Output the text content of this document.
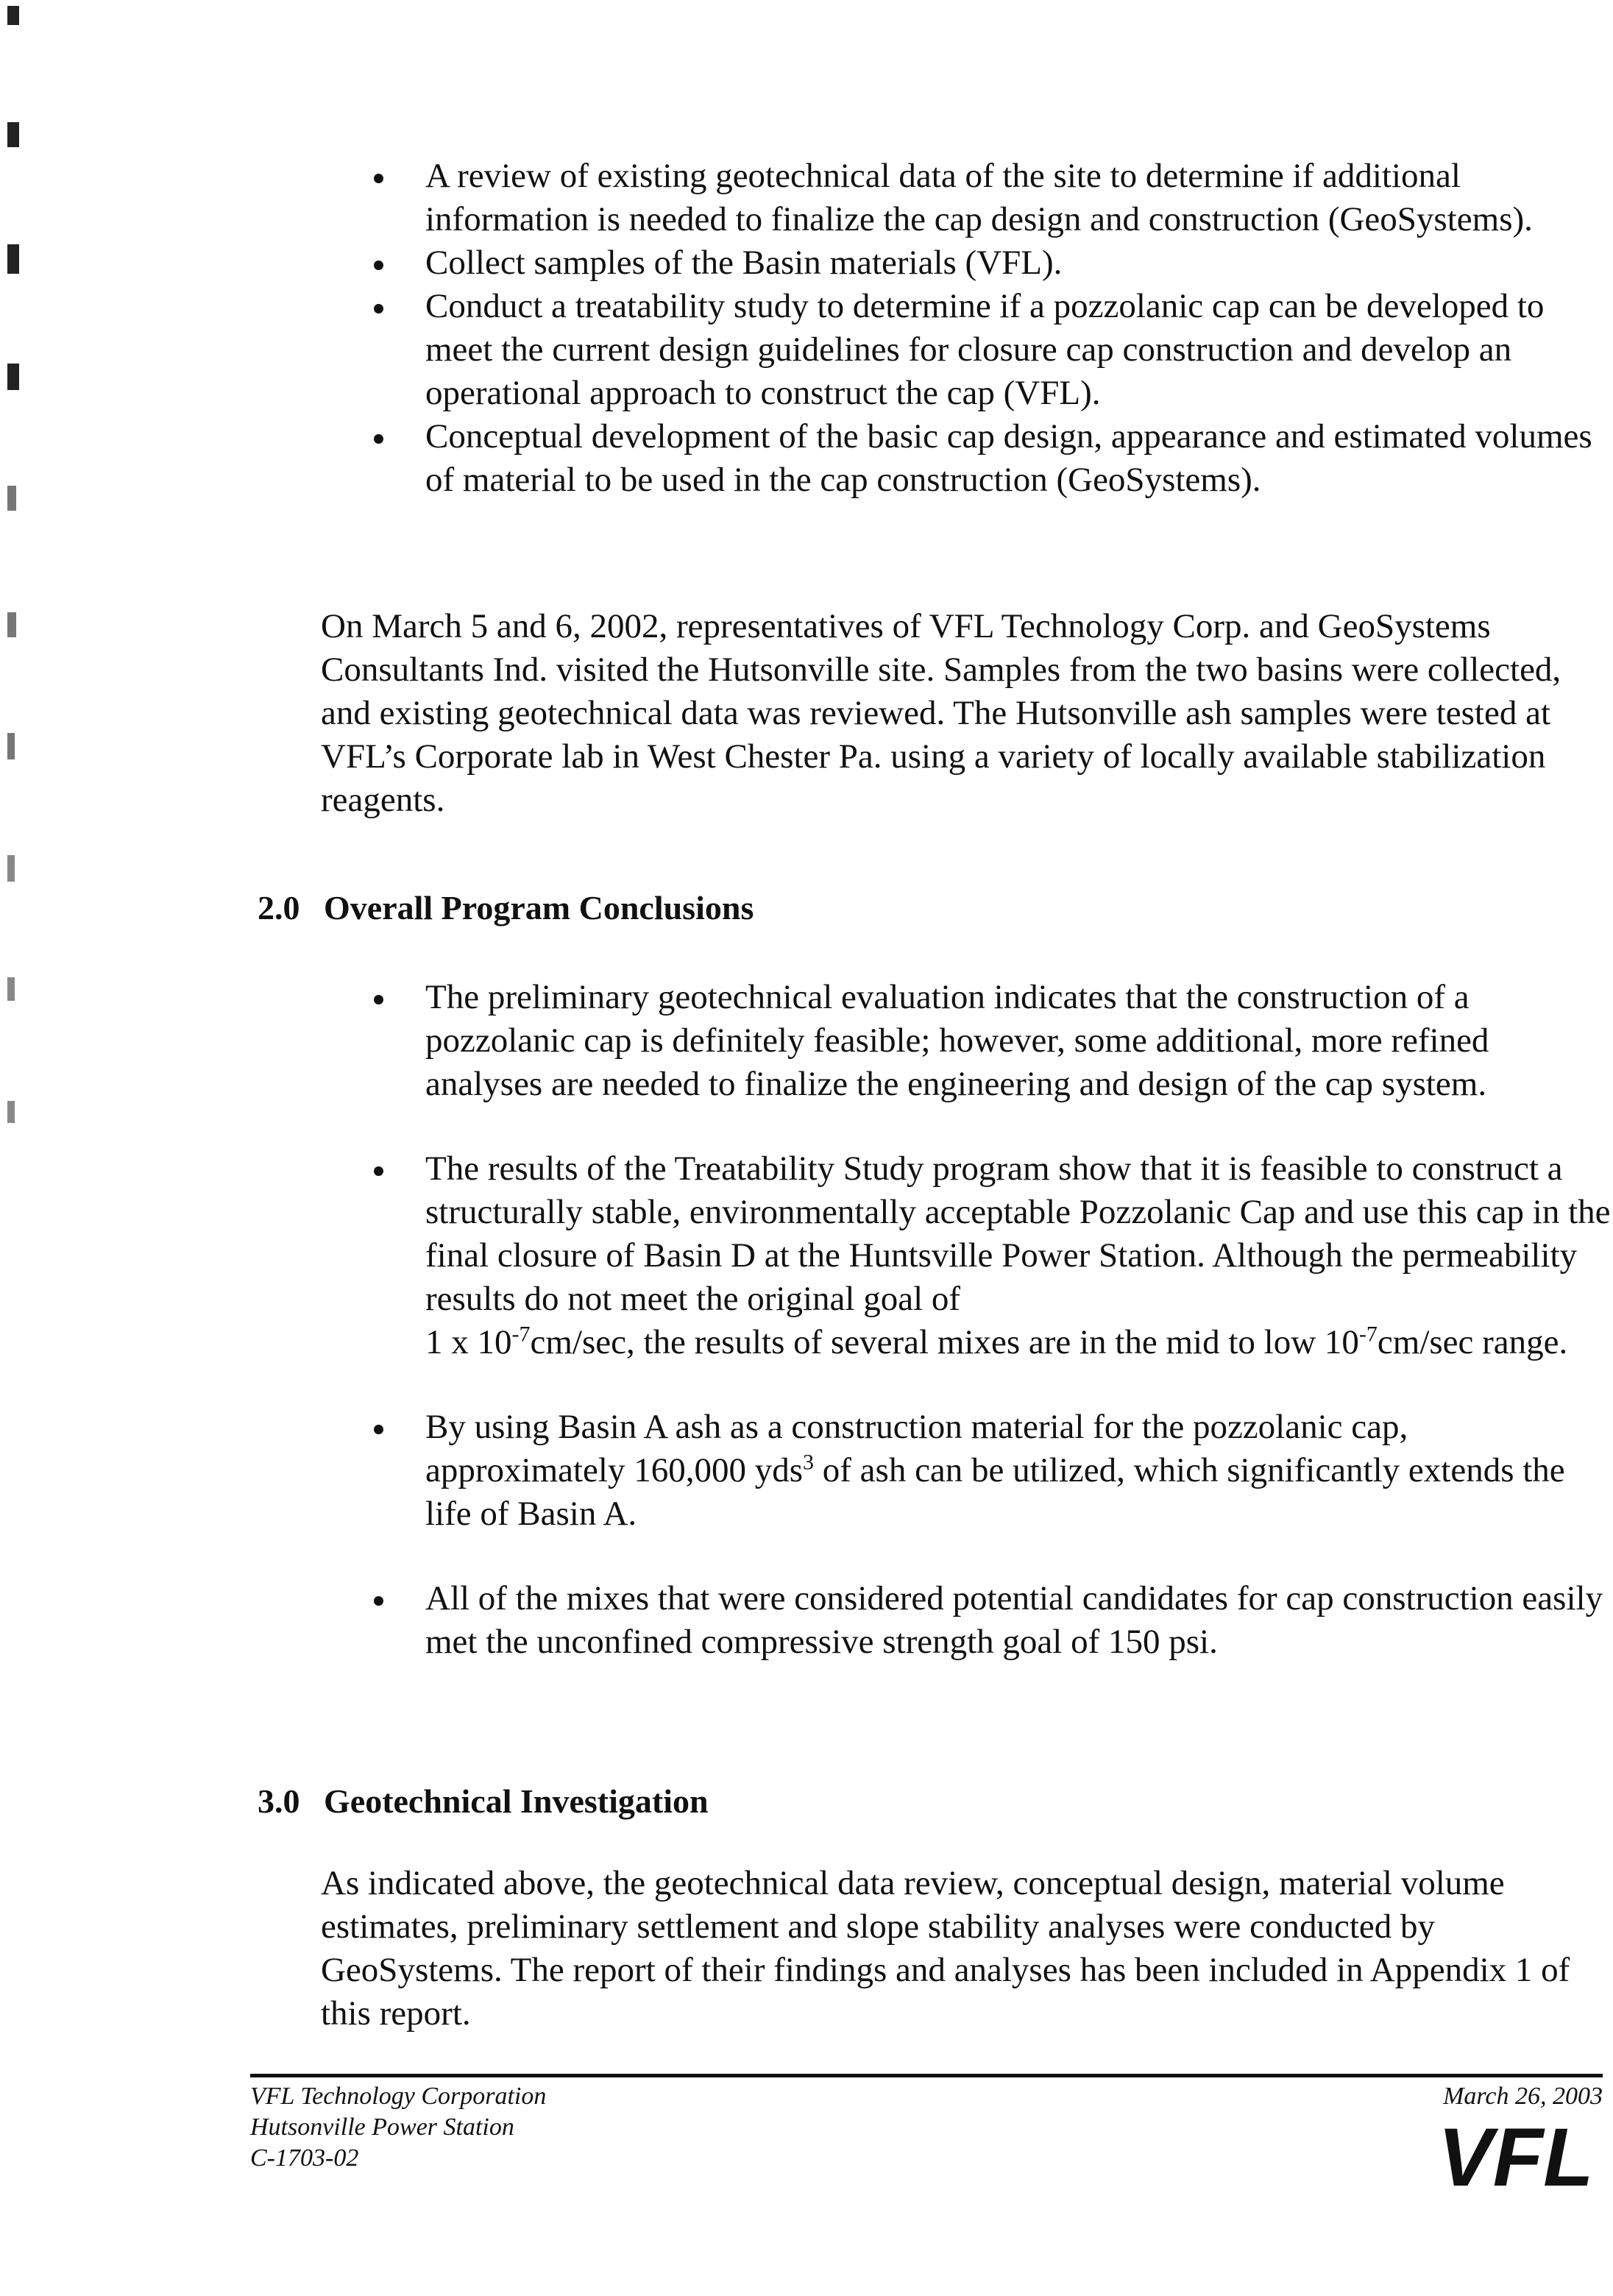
A review of existing geotechnical data of the site to determine if additional information is needed to finalize the cap design and construction (GeoSystems).
Collect samples of the Basin materials (VFL).
Conduct a treatability study to determine if a pozzolanic cap can be developed to meet the current design guidelines for closure cap construction and develop an operational approach to construct the cap (VFL).
Conceptual development of the basic cap design, appearance and estimated volumes of material to be used in the cap construction (GeoSystems).

On March 5 and 6, 2002, representatives of VFL Technology Corp. and GeoSystems Consultants Ind. visited the Hutsonville site. Samples from the two basins were collected, and existing geotechnical data was reviewed. The Hutsonville ash samples were tested at VFL’s Corporate lab in West Chester Pa. using a variety of locally available stabilization reagents.

2.0 Overall Program Conclusions
The preliminary geotechnical evaluation indicates that the construction of a pozzolanic cap is definitely feasible; however, some additional, more refined analyses are needed to finalize the engineering and design of the cap system.
The results of the Treatability Study program show that it is feasible to construct a structurally stable, environmentally acceptable Pozzolanic Cap and use this cap in the final closure of Basin D at the Huntsville Power Station. Although the permeability results do not meet the original goal of
1 x $10^{-7}cm/\sec$, the results of several mixes are in the mid to low $10^{-7}cm/\sec$ range.
By using Basin A ash as a construction material for the pozzolanic cap, approximately 160,000 yds$^3$ of ash can be utilized, which significantly extends the life of Basin A.
All of the mixes that were considered potential candidates for cap construction easily met the unconfined compressive strength goal of 150 psi.
3.0 Geotechnical Investigation

As indicated above, the geotechnical data review, conceptual design, material volume estimates, preliminary settlement and slope stability analyses were conducted by GeoSystems. The report of their findings and analyses has been included in Appendix 1 of this report.

VFL Technology Corporation
Hutsonville Power Station
C-1703-02
March 26, 2003
VFL
